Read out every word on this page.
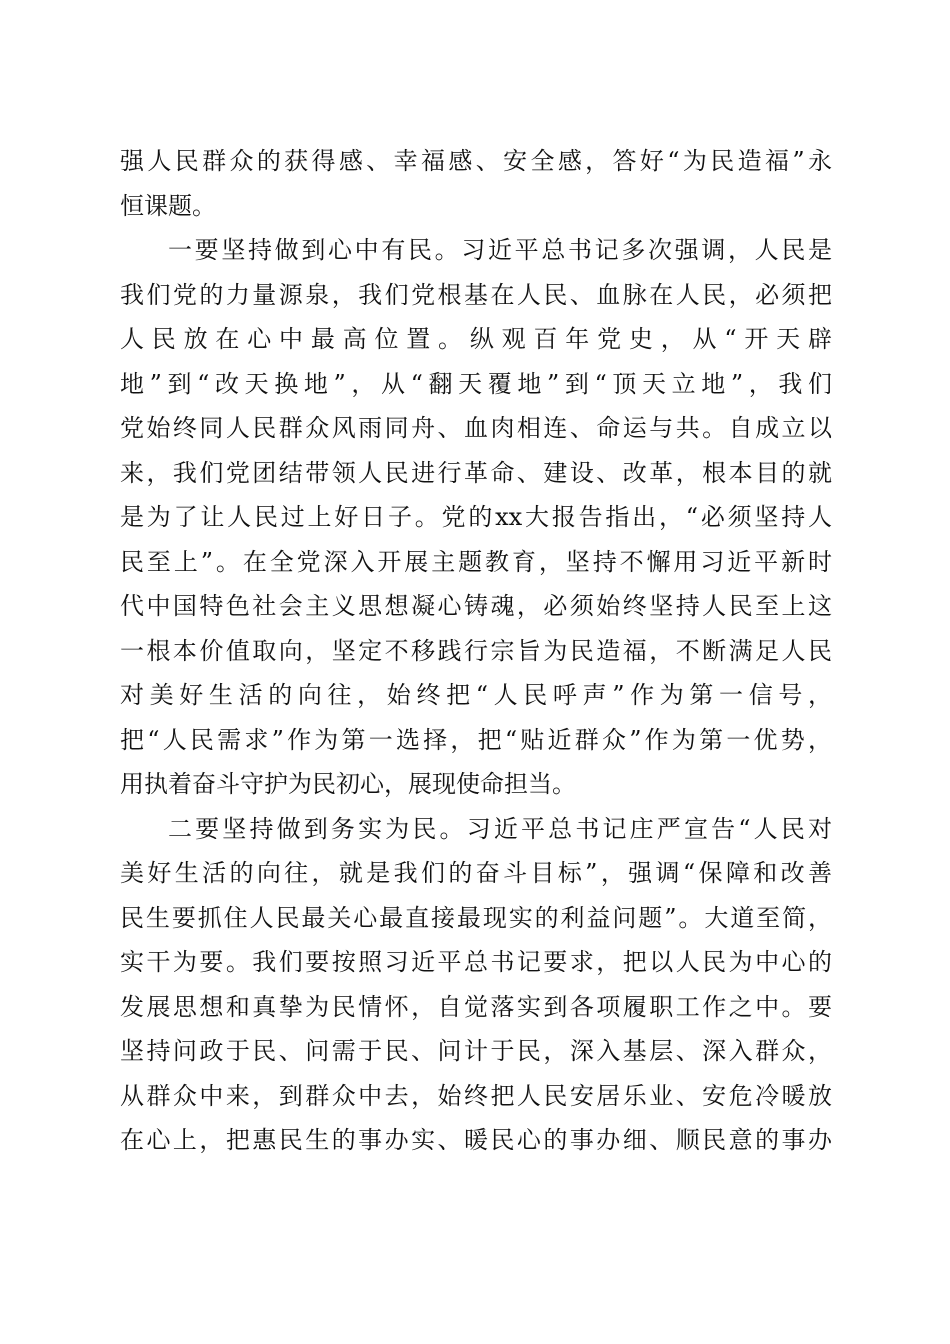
强人民群众的获得感、幸福感、安全感，答好“为民造福”永
恒课题。
一要坚持做到心中有民。习近平总书记多次强调，人民是
我们党的力量源泉，我们党根基在人民、血脉在人民，必须把
人民放在心中最高位置。纵观百年党史，从“开天辟
地”到“改天换地”，从“翻天覆地”到“顶天立地”，我们
党始终同人民群众风雨同舟、血肉相连、命运与共。自成立以
来，我们党团结带领人民进行革命、建设、改革，根本目的就
是为了让人民过上好日子。党的xx大报告指出，“必须坚持人
民至上”。在全党深入开展主题教育，坚持不懈用习近平新时
代中国特色社会主义思想凝心铸魂，必须始终坚持人民至上这
一根本价值取向，坚定不移践行宗旨为民造福，不断满足人民
对美好生活的向往，始终把“人民呼声”作为第一信号，
把“人民需求”作为第一选择，把“贴近群众”作为第一优势，
用执着奋斗守护为民初心，展现使命担当。
二要坚持做到务实为民。习近平总书记庄严宣告“人民对
美好生活的向往，就是我们的奋斗目标”，强调“保障和改善
民生要抓住人民最关心最直接最现实的利益问题”。大道至简，
实干为要。我们要按照习近平总书记要求，把以人民为中心的
发展思想和真挚为民情怀，自觉落实到各项履职工作之中。要
坚持问政于民、问需于民、问计于民，深入基层、深入群众，
从群众中来，到群众中去，始终把人民安居乐业、安危冷暖放
在心上，把惠民生的事办实、暖民心的事办细、顺民意的事办
